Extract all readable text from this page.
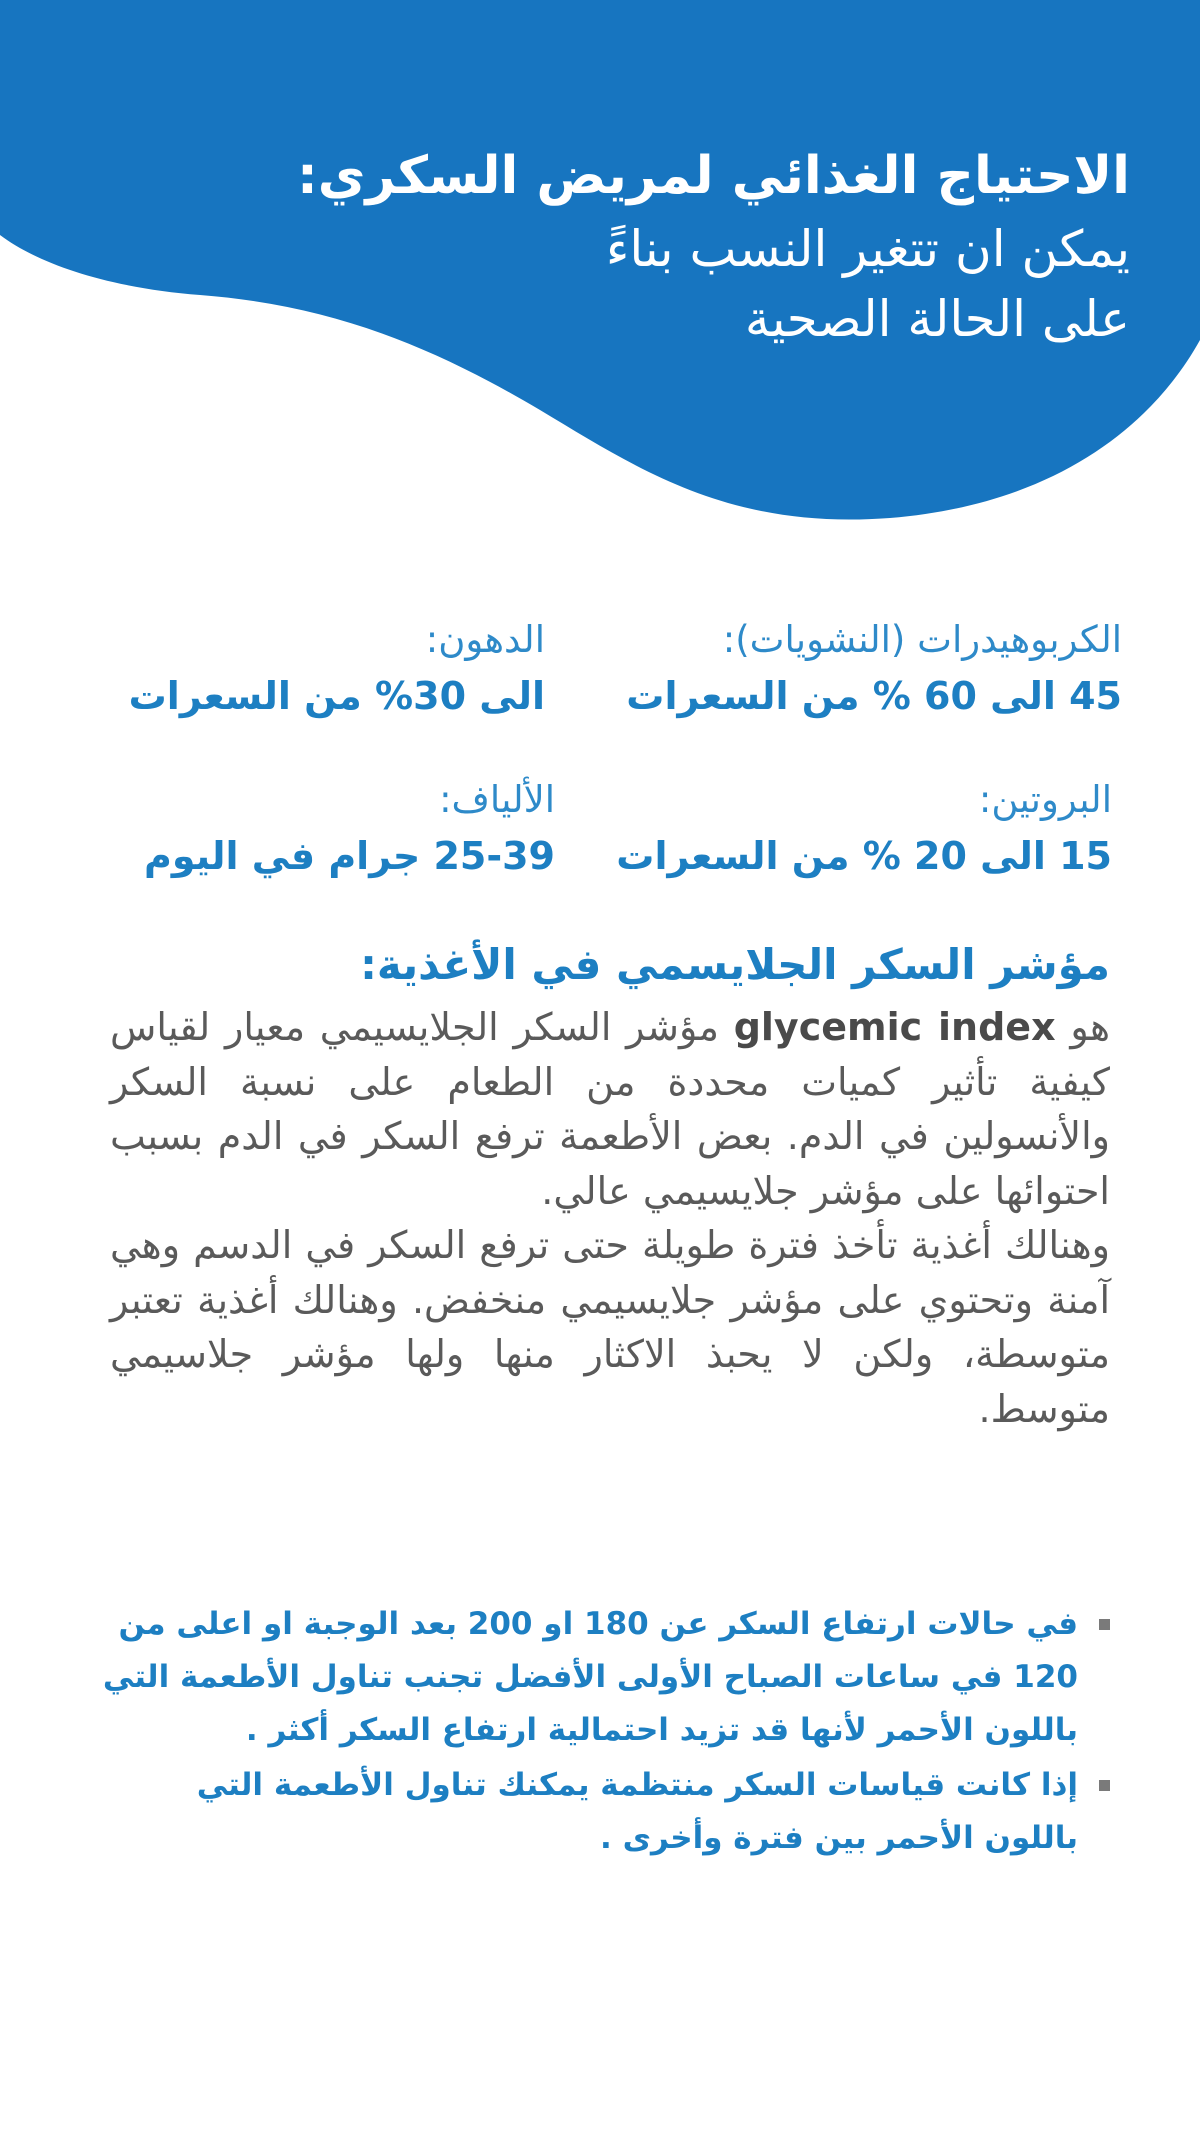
الاحتياج الغذائي لمريض السكري:
يمكن ان تتغير النسب بناءً
على الحالة الصحية
الكربوهيدرات (النشويات):
45 الى 60 % من السعرات
الدهون:
الى 30% من السعرات
البروتين:
15 الى 20 % من السعرات
الألياف:
25-39 جرام في اليوم
مؤشر السكر الجلايسمي في الأغذية:

هو glycemic index مؤشر السكر الجلايسيمي معيار لقياس كيفية تأثير كميات محددة من الطعام على نسبة السكر والأنسولين في الدم. بعض الأطعمة ترفع السكر في الدم بسبب احتوائها على مؤشر جلايسيمي عالي.

وهنالك أغذية تأخذ فترة طويلة حتى ترفع السكر في الدسم وهي آمنة وتحتوي على مؤشر جلايسيمي منخفض. وهنالك أغذية تعتبر متوسطة، ولكن لا يحبذ الاكثار منها ولها مؤشر جلاسيمي متوسط.

في حالات ارتفاع السكر عن 180 او 200 بعد الوجبة او اعلى من 120 في ساعات الصباح الأولى الأفضل تجنب تناول الأطعمة التي باللون الأحمر لأنها قد تزيد احتمالية ارتفاع السكر أكثر .
إذا كانت قياسات السكر منتظمة يمكنك تناول الأطعمة التي باللون الأحمر بين فترة وأخرى .
